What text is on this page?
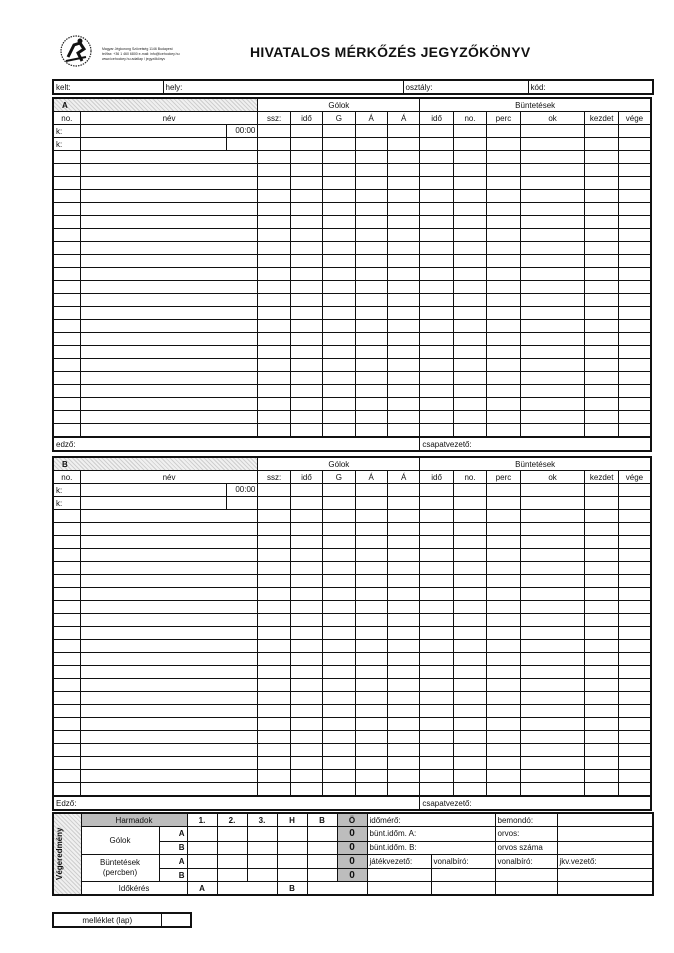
Magyar Jégkorong Szövetség 1146 Budapest
tel/fax: +36 1 460 6800 e-mail: info@icehockey.hu
www.icehockey.hu adatlap / jegyzőkönyv	HIVATALOS MÉRKŐZÉS JEGYZŐKÖNYV
kelt:	hely:	osztály:	kód:
A		Gólok					Büntetések					
no.	név	ssz:	idő	G	Á	Á	idő	no.	perc	ok	kezdet	vége
k:	00:00											

k:	

edző:							csapatvezető:					
B		Gólok					Büntetések					
no.	név	ssz:	idő	G	Á	Á	idő	no.	perc	ok	kezdet	vége
k:	00:00											

k:	

Edző:							csapatvezető:					
Végeredmény	Harmadok		1.	2.	3.	H	B	Ö	időmérő:		bemondó:	
	Gólok	A						0	bünt.időm. A:		orvos:	
		B						0	bünt.időm. B:		orvos száma	

	Büntetések
(percben)	A						0	játékvezető:	vonalbíró:	vonalbíró:	jkv.vezető:
		B						0				
	Időkérés		A			B						
melléklet (lap)	
